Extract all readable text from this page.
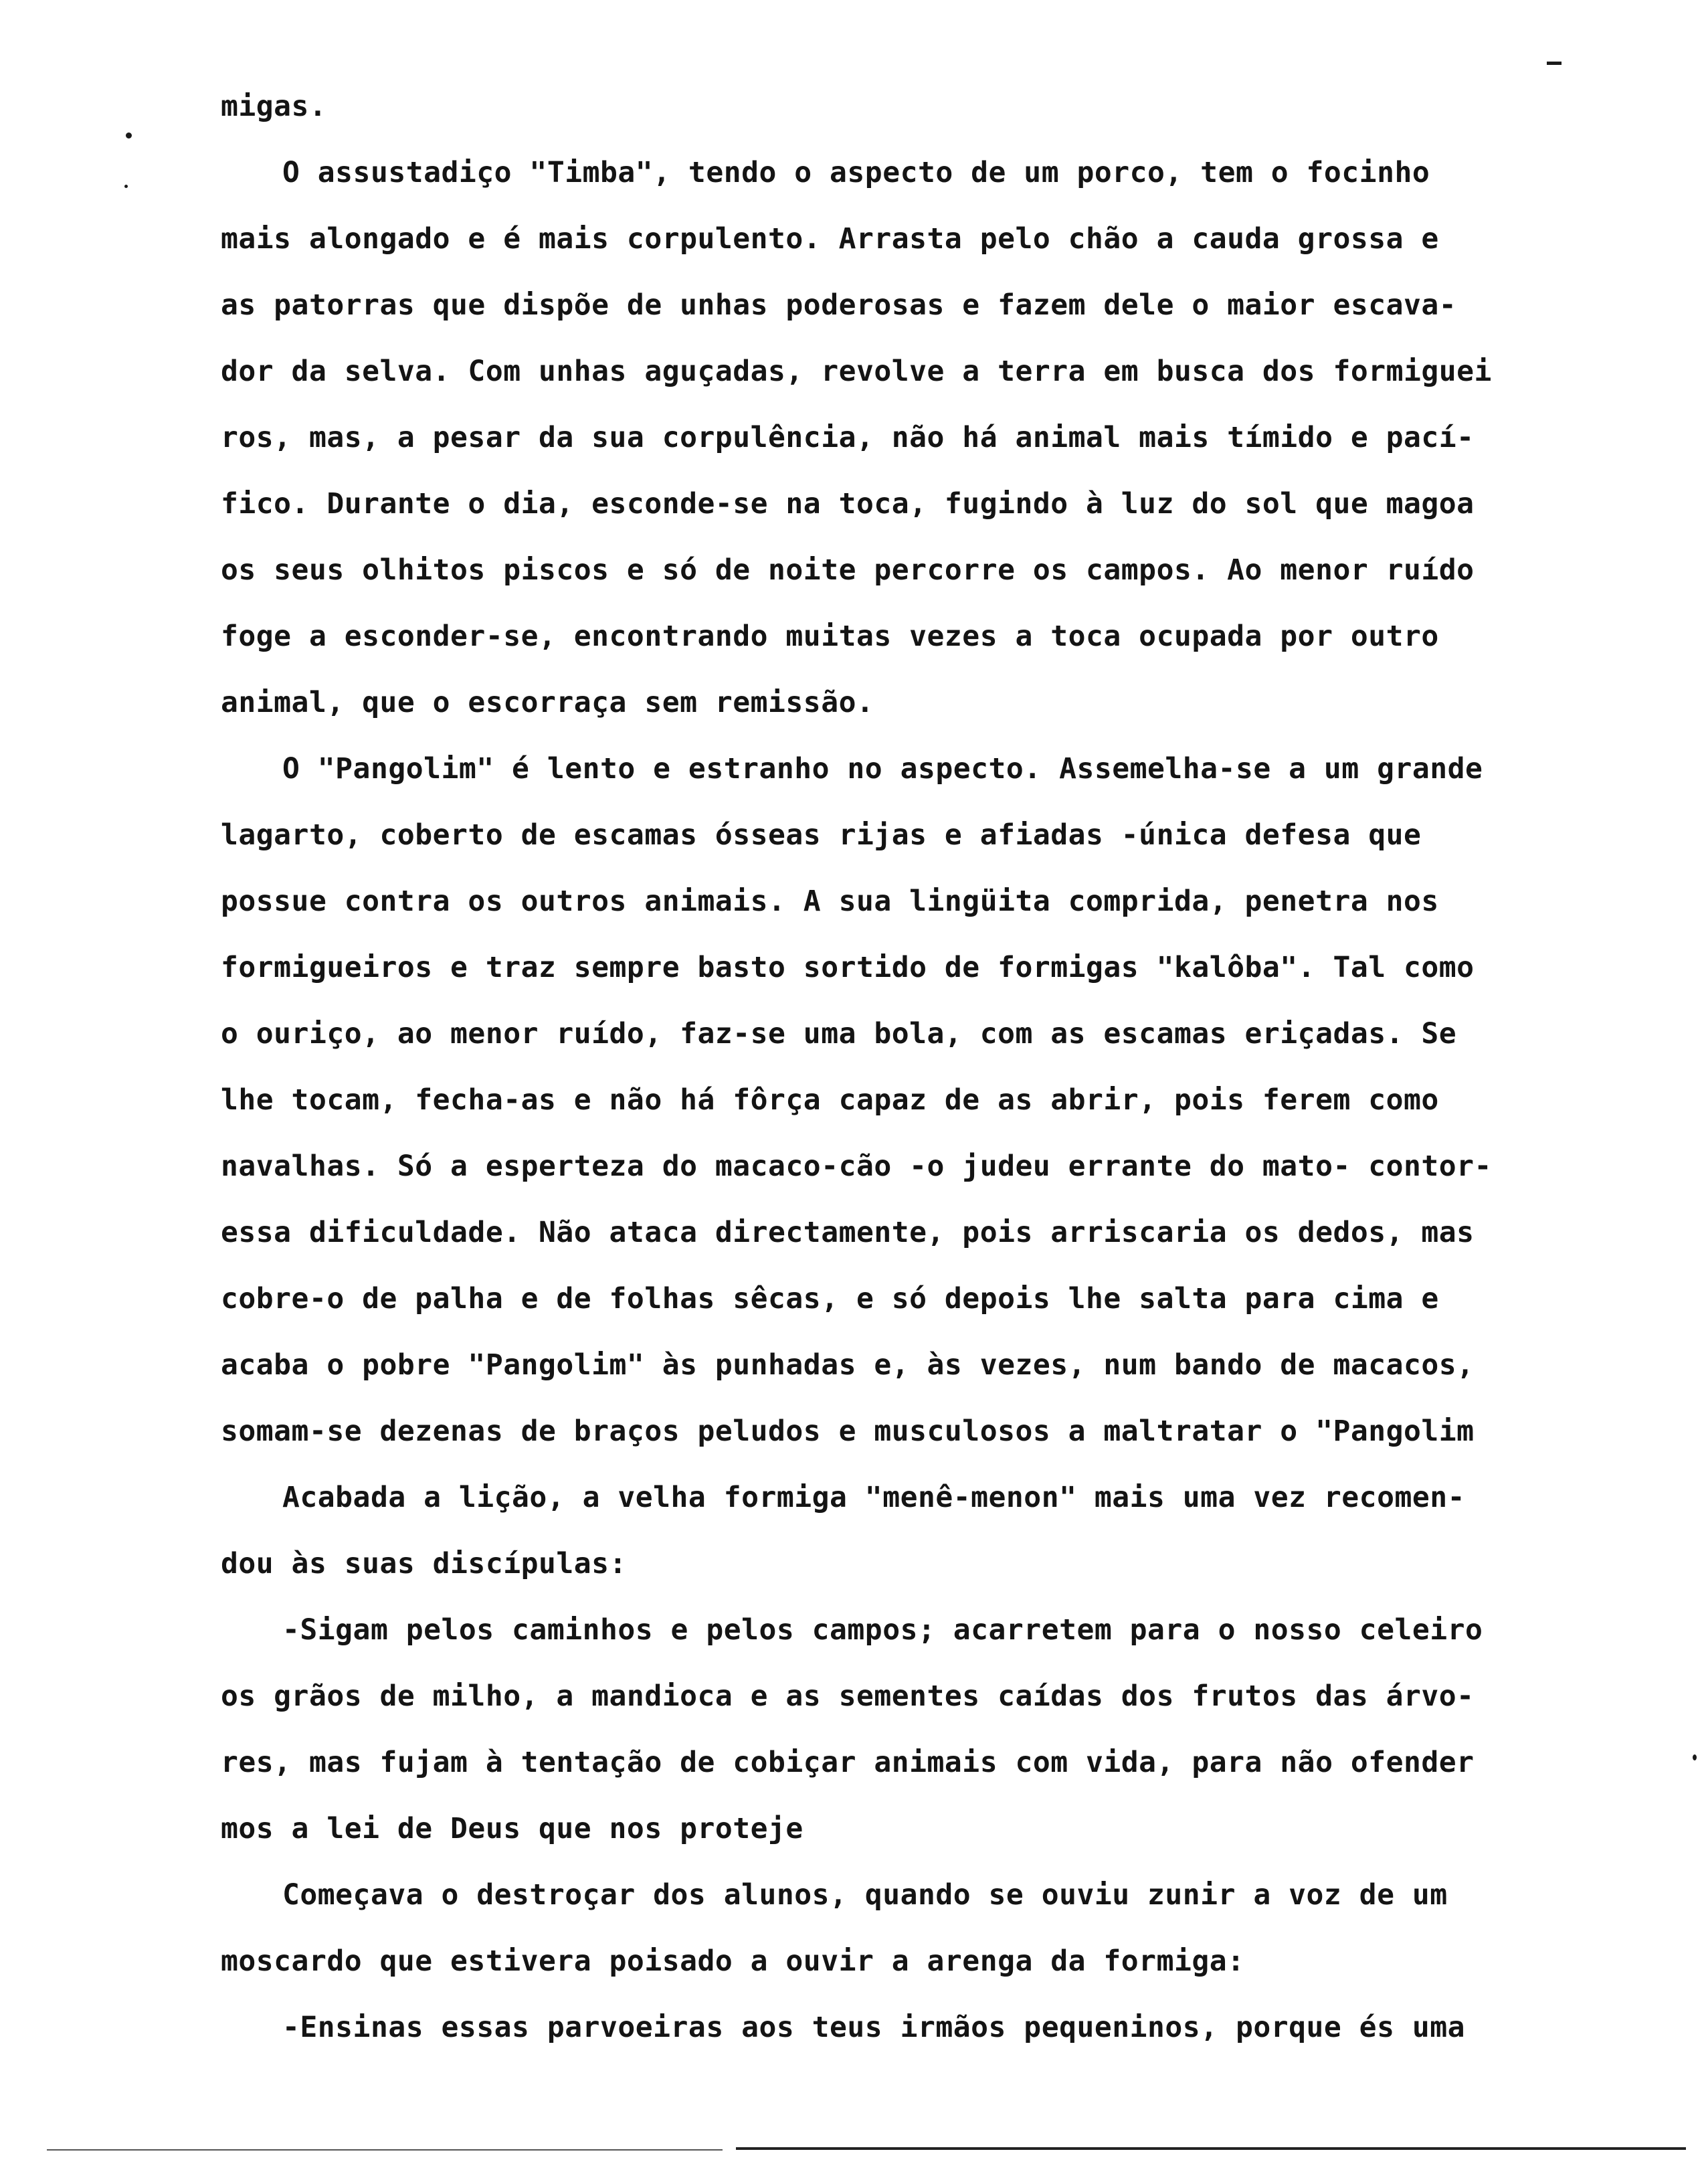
migas.
O assustadiço "Timba", tendo o aspecto de um porco, tem o focinho
mais alongado e é mais corpulento. Arrasta pelo chão a cauda grossa e
as patorras que dispõe de unhas poderosas e fazem dele o maior escava-
dor da selva. Com unhas aguçadas, revolve a terra em busca dos formiguei
ros, mas, a pesar da sua corpulência, não há animal mais tímido e pací-
fico. Durante o dia, esconde-se na toca, fugindo à luz do sol que magoa
os seus olhitos piscos e só de noite percorre os campos. Ao menor ruído
foge a esconder-se, encontrando muitas vezes a toca ocupada por outro
animal, que o escorraça sem remissão.
O "Pangolim" é lento e estranho no aspecto. Assemelha-se a um grande
lagarto, coberto de escamas ósseas rijas e afiadas -única defesa que
possue contra os outros animais. A sua lingüita comprida, penetra nos
formigueiros e traz sempre basto sortido de formigas "kalôba". Tal como
o ouriço, ao menor ruído, faz-se uma bola, com as escamas eriçadas. Se
lhe tocam, fecha-as e não há fôrça capaz de as abrir, pois ferem como
navalhas. Só a esperteza do macaco-cão -o judeu errante do mato- contor-
essa dificuldade. Não ataca directamente, pois arriscaria os dedos, mas
cobre-o de palha e de folhas sêcas, e só depois lhe salta para cima e
acaba o pobre "Pangolim" às punhadas e, às vezes, num bando de macacos,
somam-se dezenas de braços peludos e musculosos a maltratar o "Pangolim
Acabada a lição, a velha formiga "menê-menon" mais uma vez recomen-
dou às suas discípulas:
-Sigam pelos caminhos e pelos campos; acarretem para o nosso celeiro
os grãos de milho, a mandioca e as sementes caídas dos frutos das árvo-
res, mas fujam à tentação de cobiçar animais com vida, para não ofender
mos a lei de Deus que nos proteje
Começava o destroçar dos alunos, quando se ouviu zunir a voz de um
moscardo que estivera poisado a ouvir a arenga da formiga:
-Ensinas essas parvoeiras aos teus irmãos pequeninos, porque és uma
